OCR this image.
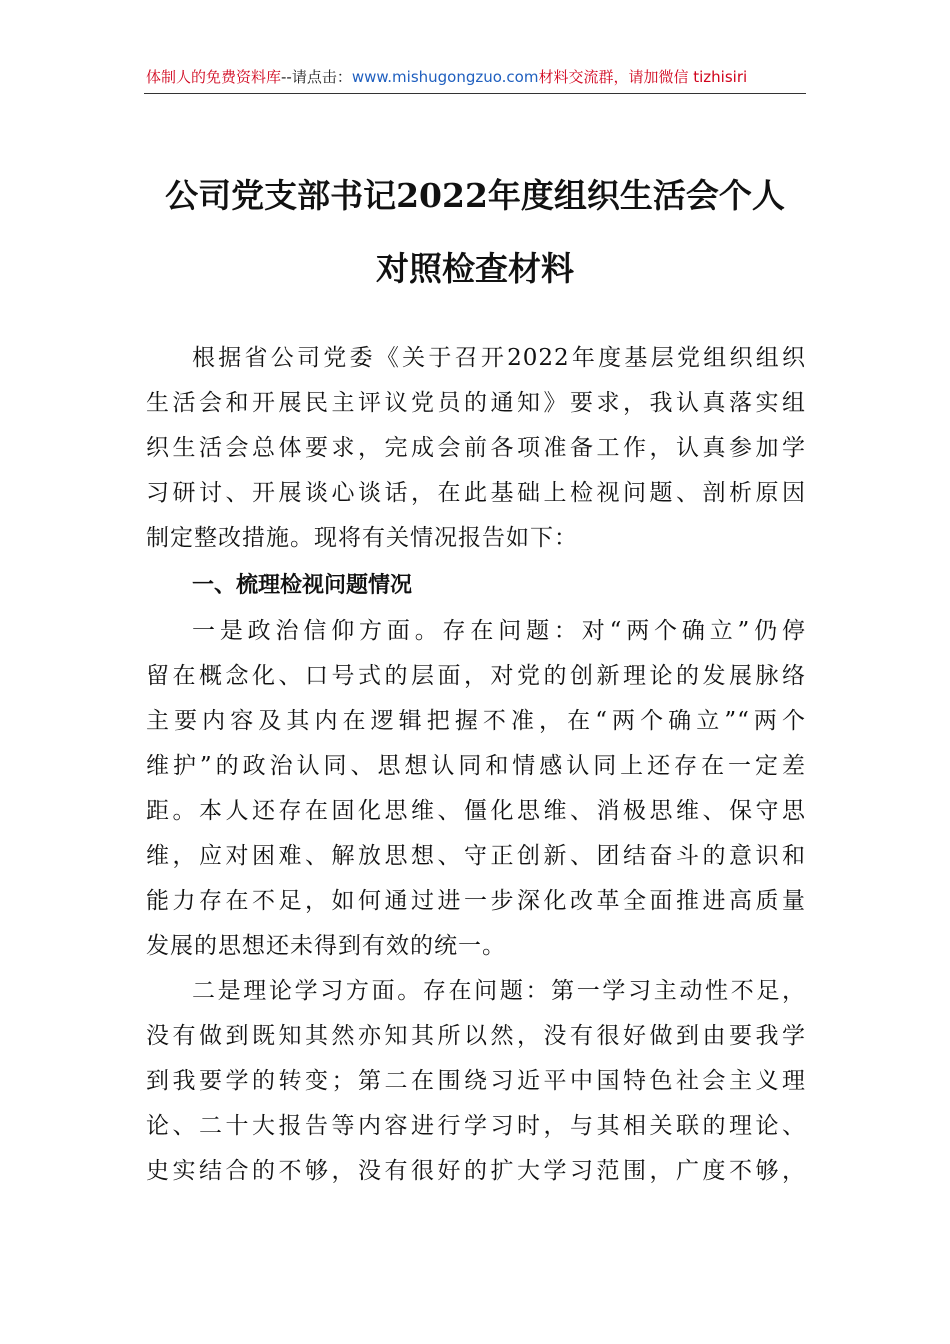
体制人的免费资料库--请点击：www.mishugongzuo.com材料交流群，请加微信 tizhisiri
公司党支部书记2022年度组织生活会个人
对照检查材料
根据省公司党委《关于召开2022年度基层党组织组织
生活会和开展民主评议党员的通知》要求，我认真落实组
织生活会总体要求，完成会前各项准备工作，认真参加学
习研讨、开展谈心谈话，在此基础上检视问题、剖析原因
制定整改措施。现将有关情况报告如下：
一、梳理检视问题情况
一是政治信仰方面。存在问题：对“两个确立”仍停
留在概念化、口号式的层面，对党的创新理论的发展脉络
主要内容及其内在逻辑把握不准，在“两个确立”“两个
维护”的政治认同、思想认同和情感认同上还存在一定差
距。本人还存在固化思维、僵化思维、消极思维、保守思
维，应对困难、解放思想、守正创新、团结奋斗的意识和
能力存在不足，如何通过进一步深化改革全面推进高质量
发展的思想还未得到有效的统一。
二是理论学习方面。存在问题：第一学习主动性不足，
没有做到既知其然亦知其所以然，没有很好做到由要我学
到我要学的转变；第二在围绕习近平中国特色社会主义理
论、二十大报告等内容进行学习时，与其相关联的理论、
史实结合的不够，没有很好的扩大学习范围，广度不够，
